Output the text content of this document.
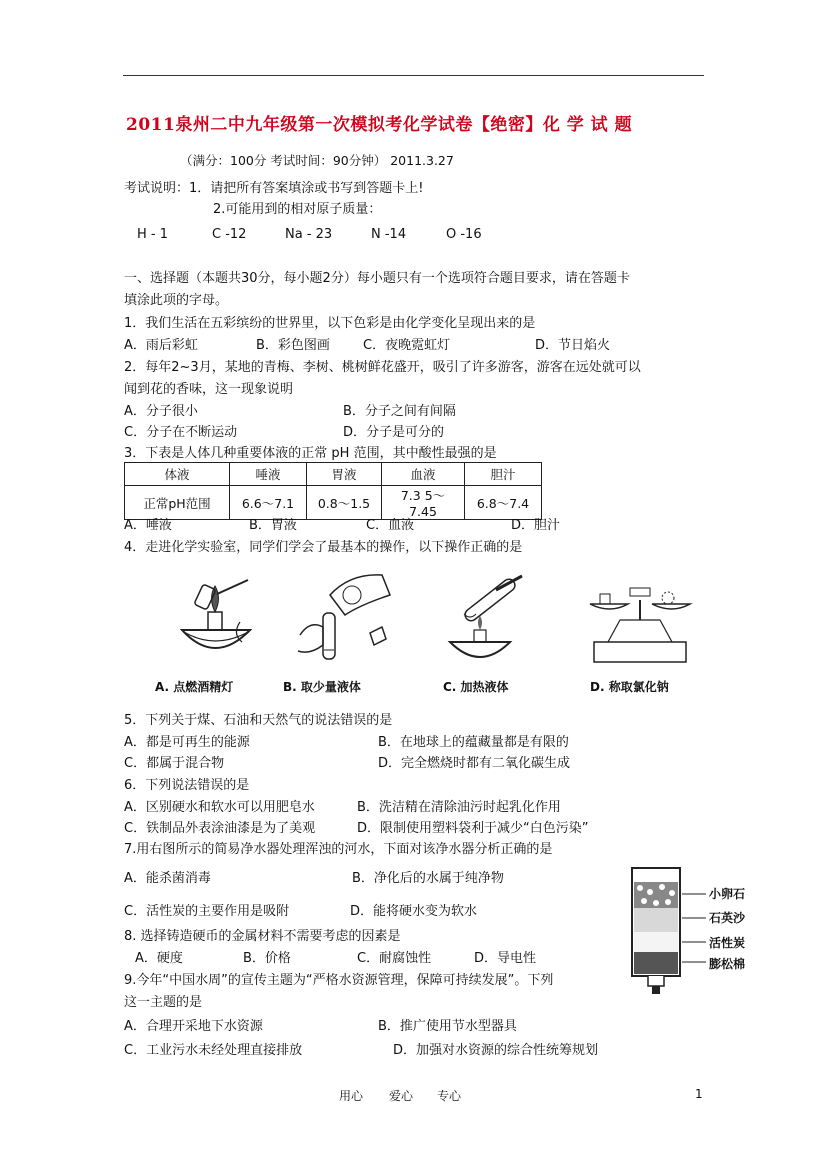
2011泉州二中九年级第一次模拟考化学试卷【绝密】化 学 试 题
（满分：100分 考试时间：90分钟） 2011.3.27
考试说明：1．请把所有答案填涂或书写到答题卡上!
2.可能用到的相对原子质量：
H - 1	C -12	Na - 23	N -14	O -16
一、选择题（本题共30分，每小题2分）每小题只有一个选项符合题目要求，请在答题卡
填涂此项的字母。
1．我们生活在五彩缤纷的世界里，以下色彩是由化学变化呈现出来的是
A．雨后彩虹	B．彩色图画	C．夜晚霓虹灯	D．节日焰火
2．每年2~3月，某地的青梅、李树、桃树鲜花盛开，吸引了许多游客，游客在远处就可以
闻到花的香味，这一现象说明
A．分子很小	B．分子之间有间隔
C．分子在不断运动	D．分子是可分的
3．下表是人体几种重要体液的正常 pH 范围，其中酸性最强的是
体液	唾液	胃液	血液	胆汁
正常pH范围	6.6～7.1	0.8～1.5	7.3 5～7.45	6.8～7.4
A．唾液	B．胃液	C．血液	D．胆汁
4．走进化学实验室，同学们学会了最基本的操作，以下操作正确的是
A. 点燃酒精灯	B. 取少量液体	C. 加热液体	D. 称取氯化钠
5．下列关于煤、石油和天然气的说法错误的是
A．都是可再生的能源	B．在地球上的蕴藏量都是有限的
C．都属于混合物	D．完全燃烧时都有二氧化碳生成
6．下列说法错误的是
A．区别硬水和软水可以用肥皂水	B．洗洁精在清除油污时起乳化作用
C．铁制品外表涂油漆是为了美观	D．限制使用塑料袋利于减少“白色污染”
7.用右图所示的简易净水器处理浑浊的河水，下面对该净水器分析正确的是
A．能杀菌消毒	B．净化后的水属于纯净物
C．活性炭的主要作用是吸附	D．能将硬水变为软水
小卵石
石英沙
活性炭
膨松棉
8. 选择铸造硬币的金属材料不需要考虑的因素是
A．硬度	B．价格	C．耐腐蚀性	D．导电性
9.今年“中国水周”的宣传主题为“严格水资源管理，保障可持续发展”。下列
这一主题的是
A．合理开采地下水资源	B．推广使用节水型器具
C．工业污水未经处理直接排放	D．加强对水资源的综合性统筹规划
用心 爱心 专心	1
